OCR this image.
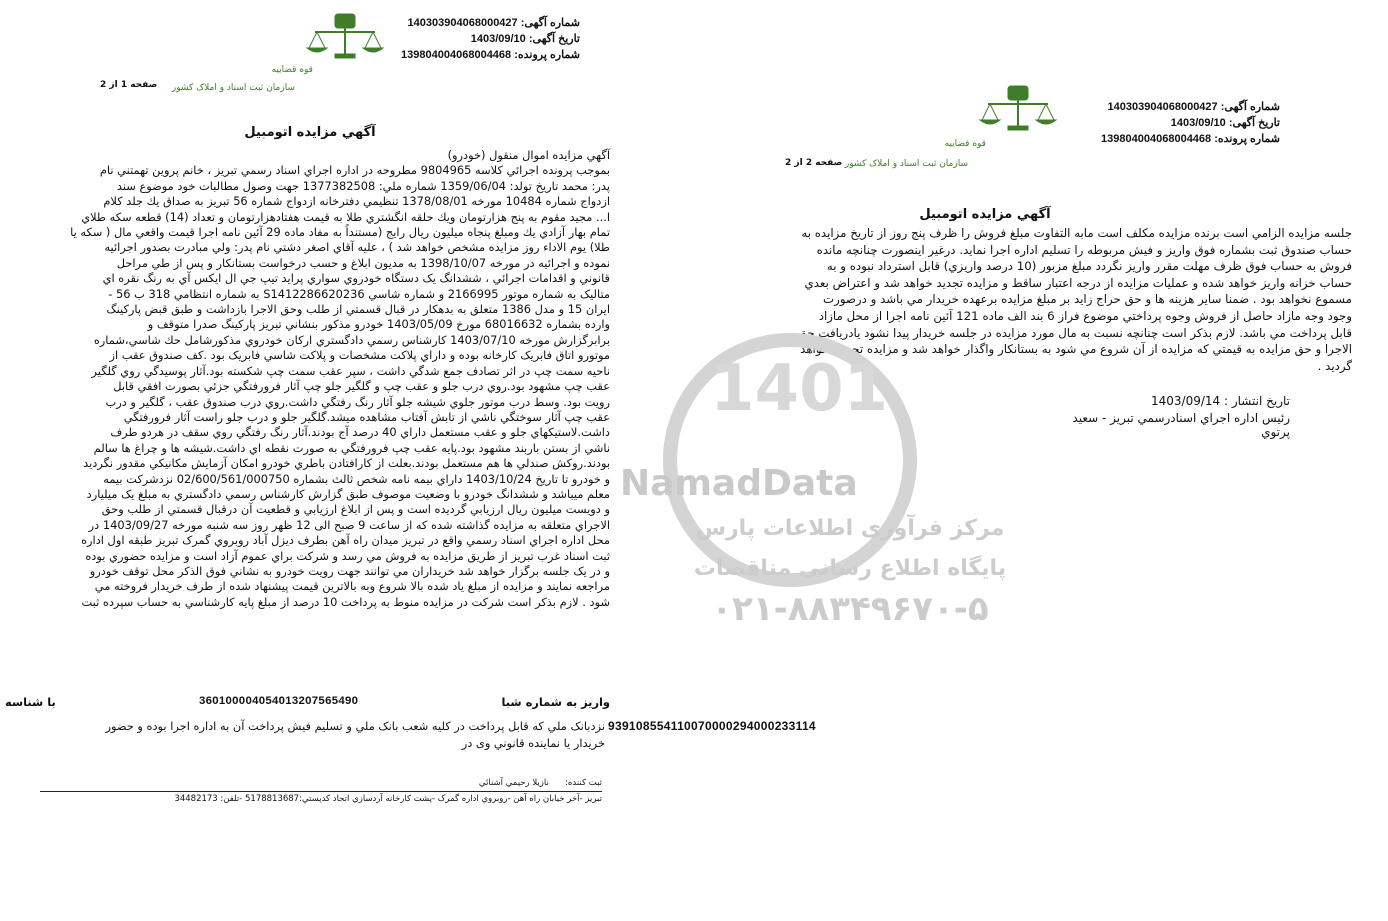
شماره آگهی: 140303904068000427
تاریخ آگهی: 1403/09/10
شماره پرونده: 139804004068004468
قوه قضاییه
سازمان ثبت اسناد و املاک کشور
صفحه 1 از 2
آگهي مزايده اتومبيل

آگهي مزايده اموال منقول (خودرو)

بموجب پرونده اجرائي كلاسه 9804965 مطروحه در اداره اجراي اسناد رسمي تبريز ، خانم پروين تهمتني نام

پدر: محمد تاريخ تولد: 1359/06/04 شماره ملي: 1377382508 جهت وصول مطالبات خود موضوع سند

ازدواج شماره 10484 مورخه 1378/08/01 تنظيمي دفترخانه ازدواج شماره 56 تبريز به صداق يك جلد كلام

ا... مجيد مقوم به پنج هزارتومان ويك حلقه انگشتري طلا به قيمت هفتادهزارتومان و تعداد (14) قطعه سكه طلاي

تمام بهار آزادي يك ومبلغ پنجاه ميليون ريال رايج (مستنداً به مفاد ماده 29 آئين نامه اجرا قيمت واقعي مال ( سكه يا

طلا) يوم الاداء روز مزايده مشخص خواهد شد ) ، عليه آقاي اصغر دشتي نام پدر: ولي مبادرت بصدور اجرائيه

نموده و اجرائيه در مورخه 1398/10/07 به مديون ابلاغ و حسب درخواست بستانكار و پس از طي مراحل

قانوني و اقدامات اجرائي ، ششدانگ يک دستگاه خودروي سواري پرايد تيپ جي ال ايکس آي به رنگ نقره اي

متاليک به شماره موتور 2166995 و شماره شاسي S1412286620236 به شماره انتظامي 318 ب 56 -

ايران 15 و مدل 1386 متعلق به بدهکار در قبال قسمتي از طلب وحق الاجرا بازداشت و طبق قبض پارکينگ

وارده بشماره 68016632 مورخ 1403/05/09 خودرو مذكور بنشاني تبريز پاركينگ صدرا متوقف و

برابرگزارش مورخه 1403/07/10 كارشناس رسمي دادگستري اركان خودروي مذكورشامل حك شاسي،شماره

موتورو اتاق فابريک کارخانه بوده و داراي پلاکت مشخصات و پلاکت شاسي فابريک بود .کف صندوق عقب از

ناحيه سمت چپ در اثر تصادف جمع شدگي داشت ، سپر عقب سمت چپ شکسته بود.آثار پوسيدگي روي گلگير

عقب چپ مشهود بود.روي درب جلو و عقب چپ و گلگير جلو چپ آثار فرورفتگي جزئي بصورت افقي قابل

رويت بود. وسط درب موتور جلوي شيشه جلو آثار رنگ رفتگي داشت.روي درب صندوق عقب ، گلگير و درب

عقب چپ آثار سوختگي ناشي از تابش آفتاب مشاهده ميشد.گلگير جلو و درب جلو راست آثار فرورفتگي

داشت.لاستيکهاي جلو و عقب مستعمل داراي 40 درصد آج بودند.آثار رنگ رفتگي روي سقف در هردو طرف

ناشي از بستن باربند مشهود بود.پايه عقب چپ فرورفتگي به صورت نقطه اي داشت.شيشه ها و چراغ ها سالم

بودند.روکش صندلي ها هم مستعمل بودند.بعلت از کارافتادن باطري خودرو امکان آزمايش مکانيکي مقدور نگرديد

و خودرو تا تاريخ 1403/10/24 داراي بيمه نامه شخص ثالث بشماره 02/600/561/000750 نزدشرکت بيمه

معلم ميباشد و ششدانگ خودرو با وضعيت موصوف طبق گزارش كارشناس رسمي دادگستري به مبلغ يک ميليارد

و دويست ميليون ريال ارزيابي گرديده است و پس از ابلاغ ارزيابي و قطعيت آن درقبال قسمتي از طلب وحق

الاجراي متعلقه به مزايده گذاشته شده كه از ساعت 9 صبح الی 12 ظهر روز سه شنبه مورخه 1403/09/27 در

محل اداره اجراي اسناد رسمي واقع در تبريز ميدان راه آهن بطرف ديزل آباد روبروي گمرک تبريز طبقه اول اداره

ثبت اسناد غرب تبريز از طريق مزايده به فروش مي رسد و شرکت براي عموم آزاد است و مزايده حضوري بوده

و در يک جلسه برگزار خواهد شد خريداران مي توانند جهت رويت خودرو به نشاني فوق الذکر محل توقف خودرو

مراجعه نمايند و مزايده از مبلغ ياد شده بالا شروع وبه بالاترين قيمت پيشنهاد شده از طرف خريدار فروخته مي

شود . لازم بذکر است شرکت در مزايده منوط به پرداخت 10 درصد از مبلغ پايه كارشناسي به حساب سپرده ثبت

واريز به شماره شبا
360100004054013207565490
با شناسه
939108554110070000294000233114
نزدبانک ملي که قابل پرداخت در كليه شعب بانک ملي و تسليم فيش پرداخت آن به اداره اجرا بوده و حضور
خريدار يا نماينده قانوني وی در
ثبت کننده:      نازيلا رحيمي آشنائي
تبريز -آخر خيابان راه آهن -روبروي اداره گمرک -پشت کارخانه آردسازي اتحاد کدپستي:5178813687 -تلفن: 34482173
شماره آگهی: 140303904068000427
تاریخ آگهی: 1403/09/10
شماره پرونده: 139804004068004468
قوه قضاییه
سازمان ثبت اسناد و املاک کشور
صفحه 2 از 2
آگهي مزايده اتومبيل

جلسه مزايده الزامي است برنده مزايده مكلف است مابه التفاوت مبلغ فروش را ظرف پنج روز از تاريخ مزايده به

حساب صندوق ثبت بشماره فوق واريز و فيش مربوطه را تسليم اداره اجرا نمايد. درغير اينصورت چنانچه مانده

فروش به حساب فوق ظرف مهلت مقرر واريز نگردد مبلغ مزبور (10 درصد واريزي) قابل استرداد نبوده و به

حساب خزانه واريز خواهد شده و عمليات مزايده از درجه اعتبار ساقط و مزايده تجديد خواهد شد و اعتراض بعدي

مسموع نخواهد بود . ضمنا ساير هزينه ها و حق حراج زايد بر مبلغ مزايده برعهده خريدار مي باشد و درصورت

وجود وجه مازاد حاصل از فروش وجوه پرداختي موضوع فراز 6 بند الف ماده 121 آئين نامه اجرا از محل مازاد

قابل پرداخت مي باشد. لازم بذكر است چنانچه نسبت به مال مورد مزايده در جلسه خريدار پيدا نشود يادريافت حق

الاجرا و حق مزايده به قيمتي كه مزايده از آن شروع مي شود به بستانكار واگذار خواهد شد و مزايده تجديد نخواهد

گرديد .

تاريخ انتشار : 1403/09/14
رئيس اداره اجراي اسنادرسمي تبريز - سعيد پرتوي
1401
NamadData
مرکز فرآوری اطلاعات پارس
پایگاه اطلاع رسانی مناقصات
۰۲۱-۸۸۳۴۹۶۷۰-۵
